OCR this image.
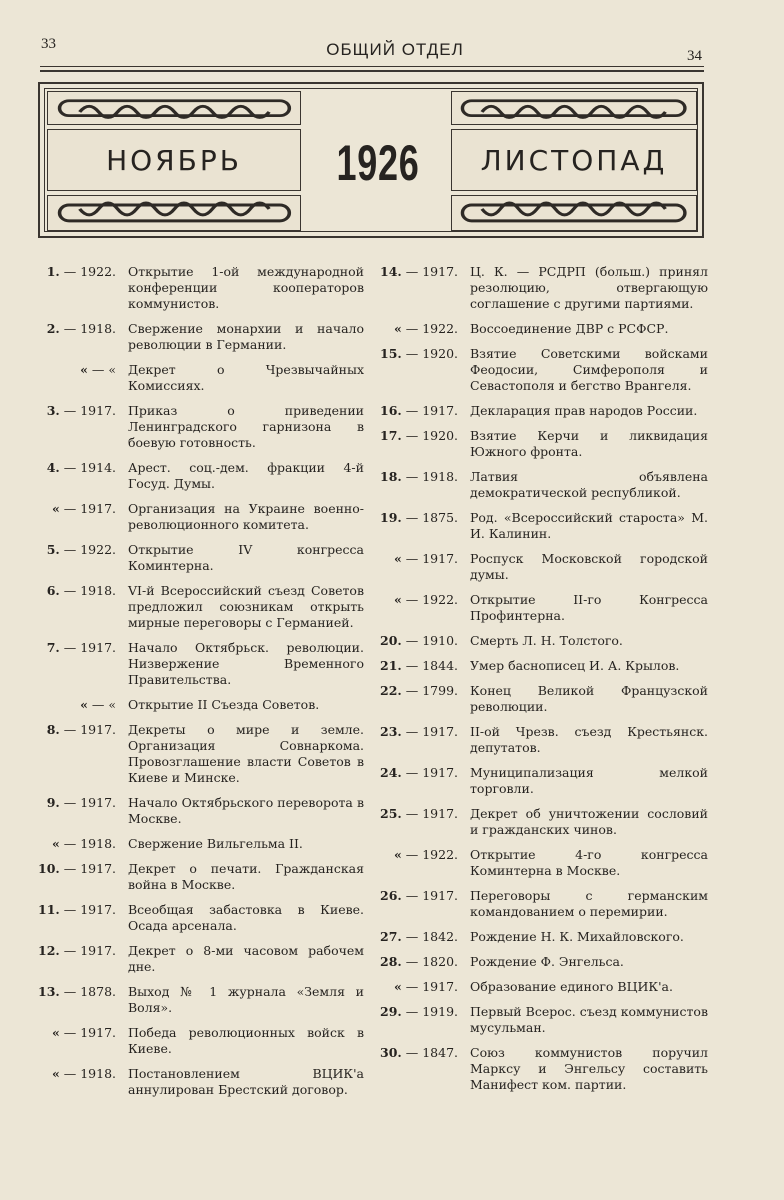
33	ОБЩИЙ ОТДЕЛ	34
НОЯБРЬ	1926	ЛИСТОПАД
1. — 1922. Открытие 1-ой международной конференции кооператоров коммунистов.
2. — 1918. Свержение монархии и начало революции в Германии.
« — « Декрет о Чрезвычайных Комиссиях.
3. — 1917. Приказ о приведении Ленинградского гарнизона в боевую готовность.
4. — 1914. Арест. соц.-дем. фракции 4-й Госуд. Думы.
« — 1917. Организация на Украине военно-революционного комитета.
5. — 1922. Открытие IV конгресса Коминтерна.
6. — 1918. VI-й Всероссийский съезд Советов предложил союзникам открыть мирные переговоры с Германией.
7. — 1917. Начало Октябрьск. революции. Низвержение Временного Правительства.
« — « Открытие II Съезда Советов.
8. — 1917. Декреты о мире и земле. Организация Совнаркома. Провозглашение власти Советов в Киеве и Минске.
9. — 1917. Начало Октябрьского переворота в Москве.
« — 1918. Свержение Вильгельма II.
10. — 1917. Декрет о печати. Гражданская война в Москве.
11. — 1917. Всеобщая забастовка в Киеве. Осада арсенала.
12. — 1917. Декрет о 8-ми часовом рабочем дне.
13. — 1878. Выход № 1 журнала «Земля и Воля».
« — 1917. Победа революционных войск в Киеве.
« — 1918. Постановлением ВЦИК'а аннулирован Брестский договор.
14. — 1917. Ц. К. — РСДРП (больш.) принял резолюцию, отвергающую соглашение с другими партиями.
« — 1922. Воссоединение ДВР с РСФСР.
15. — 1920. Взятие Советскими войсками Феодосии, Симферополя и Севастополя и бегство Врангеля.
16. — 1917. Декларация прав народов России.
17. — 1920. Взятие Керчи и ликвидация Южного фронта.
18. — 1918. Латвия объявлена демократической республикой.
19. — 1875. Род. «Всероссийский староста» М. И. Калинин.
« — 1917. Роспуск Московской городской думы.
« — 1922. Открытие II-го Конгресса Профинтерна.
20. — 1910. Смерть Л. Н. Толстого.
21. — 1844. Умер баснописец И. А. Крылов.
22. — 1799. Конец Великой Французской революции.
23. — 1917. II-ой Чрезв. съезд Крестьянск. депутатов.
24. — 1917. Муниципализация мелкой торговли.
25. — 1917. Декрет об уничтожении сословий и гражданских чинов.
« — 1922. Открытие 4-го конгресса Коминтерна в Москве.
26. — 1917. Переговоры с германским командованием о перемирии.
27. — 1842. Рождение Н. К. Михайловского.
28. — 1820. Рождение Ф. Энгельса.
« — 1917. Образование единого ВЦИК'а.
29. — 1919. Первый Всерос. съезд коммунистов мусульман.
30. — 1847. Союз коммунистов поручил Марксу и Энгельсу составить Манифест ком. партии.
